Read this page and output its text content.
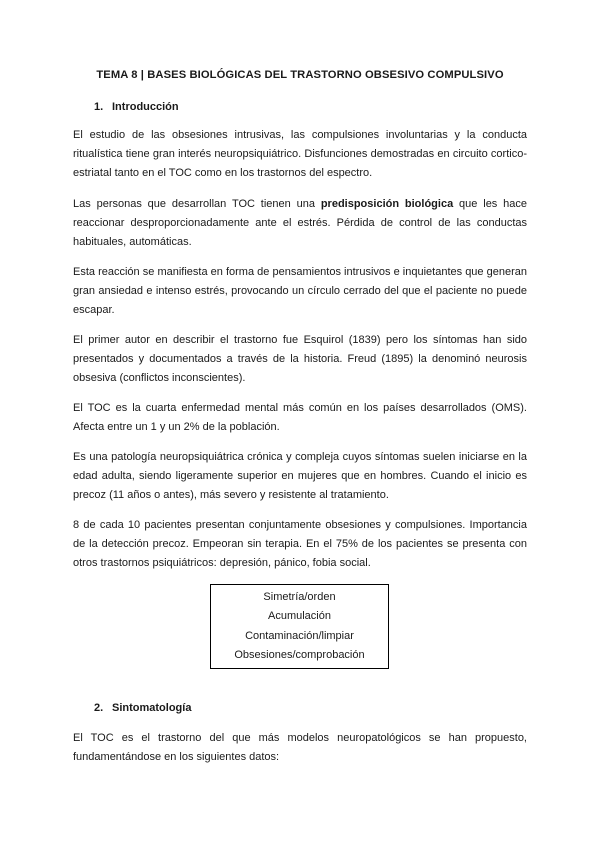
TEMA 8 | BASES BIOLÓGICAS DEL TRASTORNO OBSESIVO COMPULSIVO
1. Introducción

El estudio de las obsesiones intrusivas, las compulsiones involuntarias y la conducta ritualística tiene gran interés neuropsiquiátrico. Disfunciones demostradas en circuito cortico-estriatal tanto en el TOC como en los trastornos del espectro.

Las personas que desarrollan TOC tienen una predisposición biológica que les hace reaccionar desproporcionadamente ante el estrés. Pérdida de control de las conductas habituales, automáticas.

Esta reacción se manifiesta en forma de pensamientos intrusivos e inquietantes que generan gran ansiedad e intenso estrés, provocando un círculo cerrado del que el paciente no puede escapar.

El primer autor en describir el trastorno fue Esquirol (1839) pero los síntomas han sido presentados y documentados a través de la historia. Freud (1895) la denominó neurosis obsesiva (conflictos inconscientes).

El TOC es la cuarta enfermedad mental más común en los países desarrollados (OMS). Afecta entre un 1 y un 2% de la población.

Es una patología neuropsiquiátrica crónica y compleja cuyos síntomas suelen iniciarse en la edad adulta, siendo ligeramente superior en mujeres que en hombres. Cuando el inicio es precoz (11 años o antes), más severo y resistente al tratamiento.

8 de cada 10 pacientes presentan conjuntamente obsesiones y compulsiones. Importancia de la detección precoz. Empeoran sin terapia. En el 75% de los pacientes se presenta con otros trastornos psiquiátricos: depresión, pánico, fobia social.

Simetría/orden
Acumulación
Contaminación/limpiar
Obsesiones/comprobación
2. Sintomatología

El TOC es el trastorno del que más modelos neuropatológicos se han propuesto, fundamentándose en los siguientes datos:
